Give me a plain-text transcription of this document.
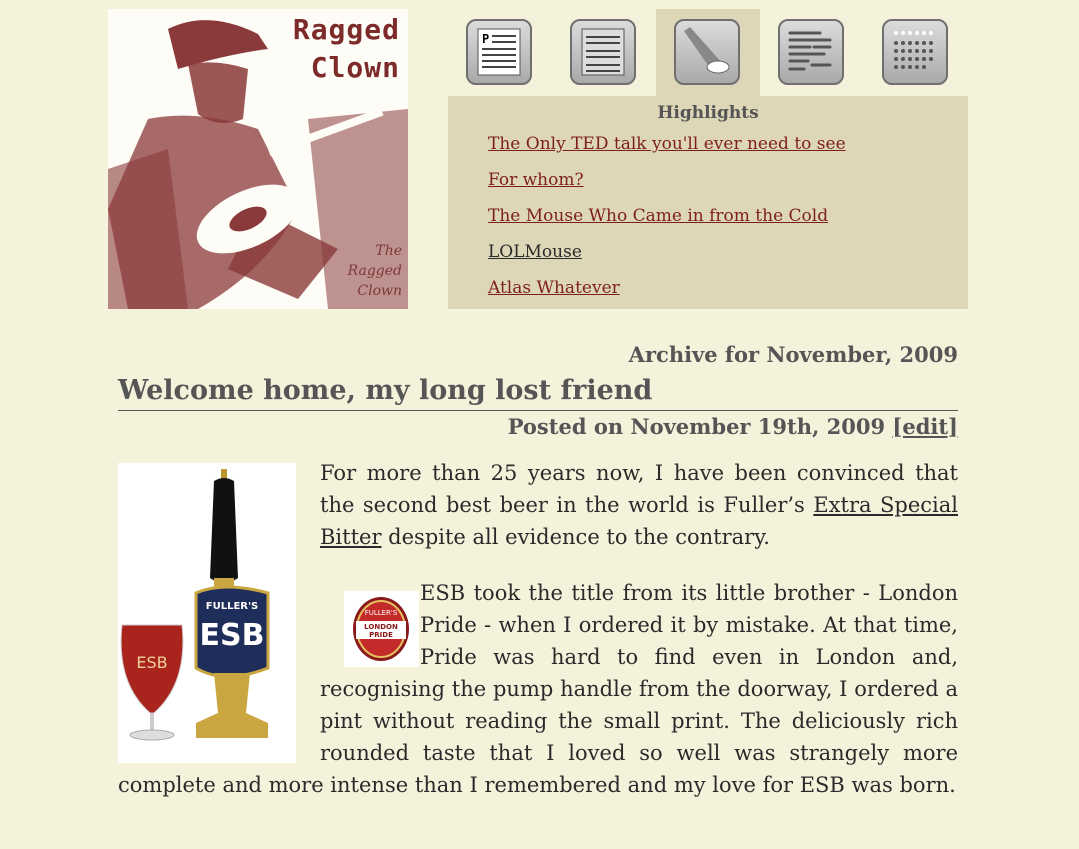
Ragged
Clown
The
Ragged
Clown
P
Highlights
The Only TED talk you'll ever need to see
For whom?
The Mouse Who Came in from the Cold
LOLMouse
Atlas Whatever
Archive for November, 2009
Welcome home, my long lost friend
Posted on November 19th, 2009 [edit]
FULLER'S
ESB
ESB

For more than 25 years now, I have been convinced that the second best beer in the world is Fuller’s Extra Special Bitter despite all evidence to the contrary.

FULLER'S
LONDON
PRIDE
ESB took the title from its little brother - London Pride - when I ordered it by mistake. At that time, Pride was hard to find even in London and, recognising the pump handle from the doorway, I ordered a pint without reading the small print. The deliciously rich rounded taste that I loved so well was strangely more complete and more intense than I remembered and my love for ESB was born.
